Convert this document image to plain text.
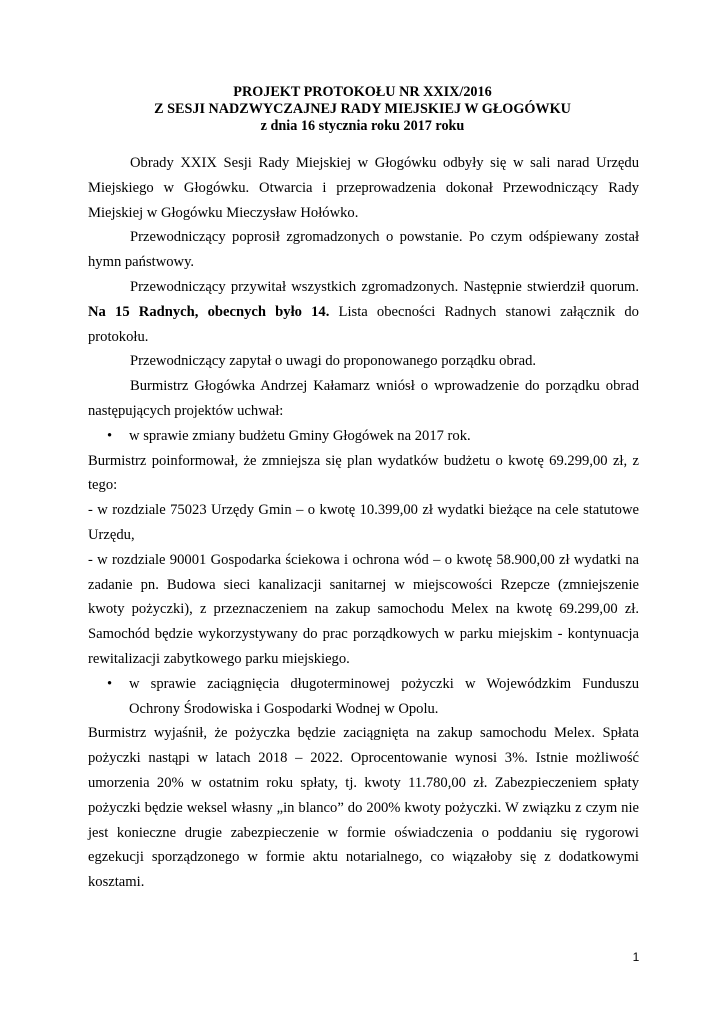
PROJEKT PROTOKOŁU NR XXIX/2016
Z SESJI NADZWYCZAJNEJ RADY MIEJSKIEJ W GŁOGÓWKU
z dnia 16 stycznia roku 2017 roku

Obrady XXIX Sesji Rady Miejskiej w Głogówku odbyły się w sali narad Urzędu Miejskiego w Głogówku. Otwarcia i przeprowadzenia dokonał Przewodniczący Rady Miejskiej w Głogówku Mieczysław Hołówko.

Przewodniczący poprosił zgromadzonych o powstanie. Po czym odśpiewany został hymn państwowy.

Przewodniczący przywitał wszystkich zgromadzonych. Następnie stwierdził quorum. Na 15 Radnych, obecnych było 14. Lista obecności Radnych stanowi załącznik do protokołu.

Przewodniczący zapytał o uwagi do proponowanego porządku obrad.

Burmistrz Głogówka Andrzej Kałamarz wniósł o wprowadzenie do porządku obrad następujących projektów uchwał:

• w sprawie zmiany budżetu Gminy Głogówek na 2017 rok.

Burmistrz poinformował, że zmniejsza się plan wydatków budżetu o kwotę 69.299,00 zł, z tego:

- w rozdziale 75023 Urzędy Gmin – o kwotę 10.399,00 zł wydatki bieżące na cele statutowe Urzędu,

- w rozdziale 90001 Gospodarka ściekowa i ochrona wód – o kwotę 58.900,00 zł wydatki na zadanie pn. Budowa sieci kanalizacji sanitarnej w miejscowości Rzepcze (zmniejszenie kwoty pożyczki), z przeznaczeniem na zakup samochodu Melex na kwotę 69.299,00 zł. Samochód będzie wykorzystywany do prac porządkowych w parku miejskim - kontynuacja rewitalizacji zabytkowego parku miejskiego.

• w sprawie zaciągnięcia długoterminowej pożyczki w Wojewódzkim Funduszu Ochrony Środowiska i Gospodarki Wodnej w Opolu.

Burmistrz wyjaśnił, że pożyczka będzie zaciągnięta na zakup samochodu Melex. Spłata pożyczki nastąpi w latach 2018 – 2022. Oprocentowanie wynosi 3%. Istnie możliwość umorzenia 20% w ostatnim roku spłaty, tj. kwoty 11.780,00 zł. Zabezpieczeniem spłaty pożyczki będzie weksel własny „in blanco” do 200% kwoty pożyczki. W związku z czym nie jest konieczne drugie zabezpieczenie w formie oświadczenia o poddaniu się rygorowi egzekucji sporządzonego w formie aktu notarialnego, co wiązałoby się z dodatkowymi kosztami.

1
